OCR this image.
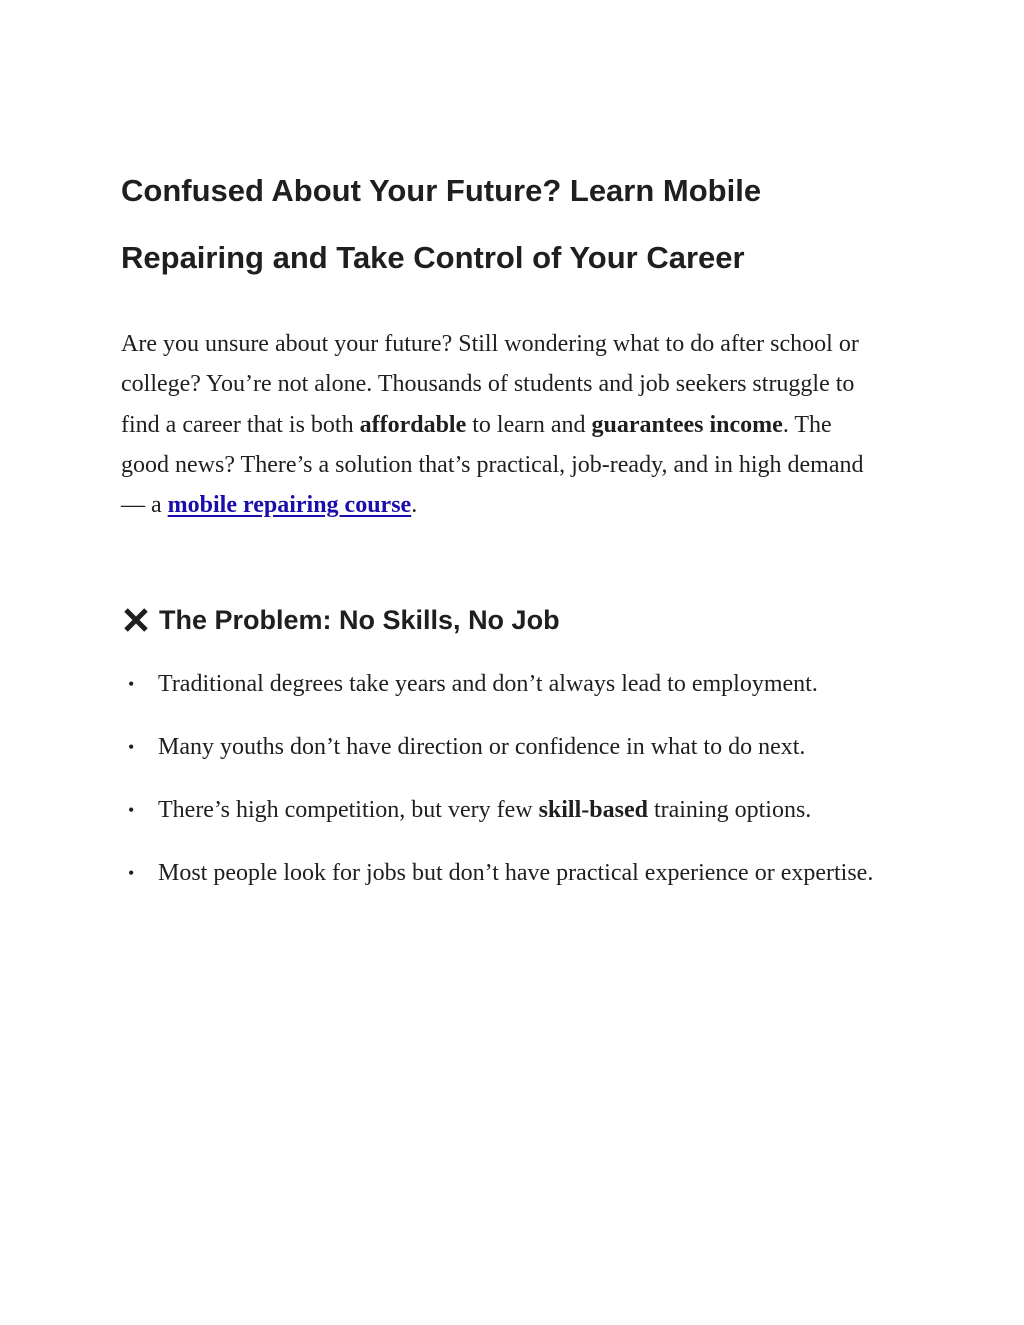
Confused About Your Future? Learn Mobile Repairing and Take Control of Your Career

Are you unsure about your future? Still wondering what to do after school or college? You’re not alone. Thousands of students and job seekers struggle to find a career that is both affordable to learn and guarantees income. The good news? There’s a solution that’s practical, job-ready, and in high demand — a mobile repairing course.

The Problem: No Skills, No Job
• Traditional degrees take years and don’t always lead to employment.
• Many youths don’t have direction or confidence in what to do next.
• There’s high competition, but very few skill-based training options.
• Most people look for jobs but don’t have practical experience or expertise.
